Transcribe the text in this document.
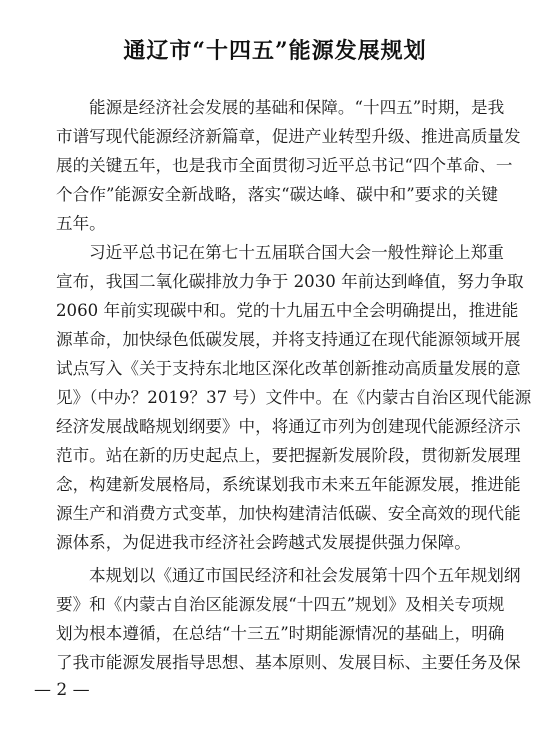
通辽市“十四五”能源发展规划
能源是经济社会发展的基础和保障。“十四五”时期，是我
市谱写现代能源经济新篇章，促进产业转型升级、推进高质量发
展的关键五年，也是我市全面贯彻习近平总书记“四个革命、一
个合作”能源安全新战略，落实“碳达峰、碳中和”要求的关键
五年。
习近平总书记在第七十五届联合国大会一般性辩论上郑重
宣布，我国二氧化碳排放力争于 2030 年前达到峰值，努力争取
2060 年前实现碳中和。党的十九届五中全会明确提出，推进能
源革命，加快绿色低碳发展，并将支持通辽在现代能源领域开展
试点写入《关于支持东北地区深化改革创新推动高质量发展的意
见》（中办？2019？37 号）文件中。在《内蒙古自治区现代能源
经济发展战略规划纲要》中，将通辽市列为创建现代能源经济示
范市。站在新的历史起点上，要把握新发展阶段，贯彻新发展理
念，构建新发展格局，系统谋划我市未来五年能源发展，推进能
源生产和消费方式变革，加快构建清洁低碳、安全高效的现代能
源体系，为促进我市经济社会跨越式发展提供强力保障。
本规划以《通辽市国民经济和社会发展第十四个五年规划纲
要》和《内蒙古自治区能源发展“十四五”规划》及相关专项规
划为根本遵循，在总结“十三五”时期能源情况的基础上，明确
了我市能源发展指导思想、基本原则、发展目标、主要任务及保
— 2 —
